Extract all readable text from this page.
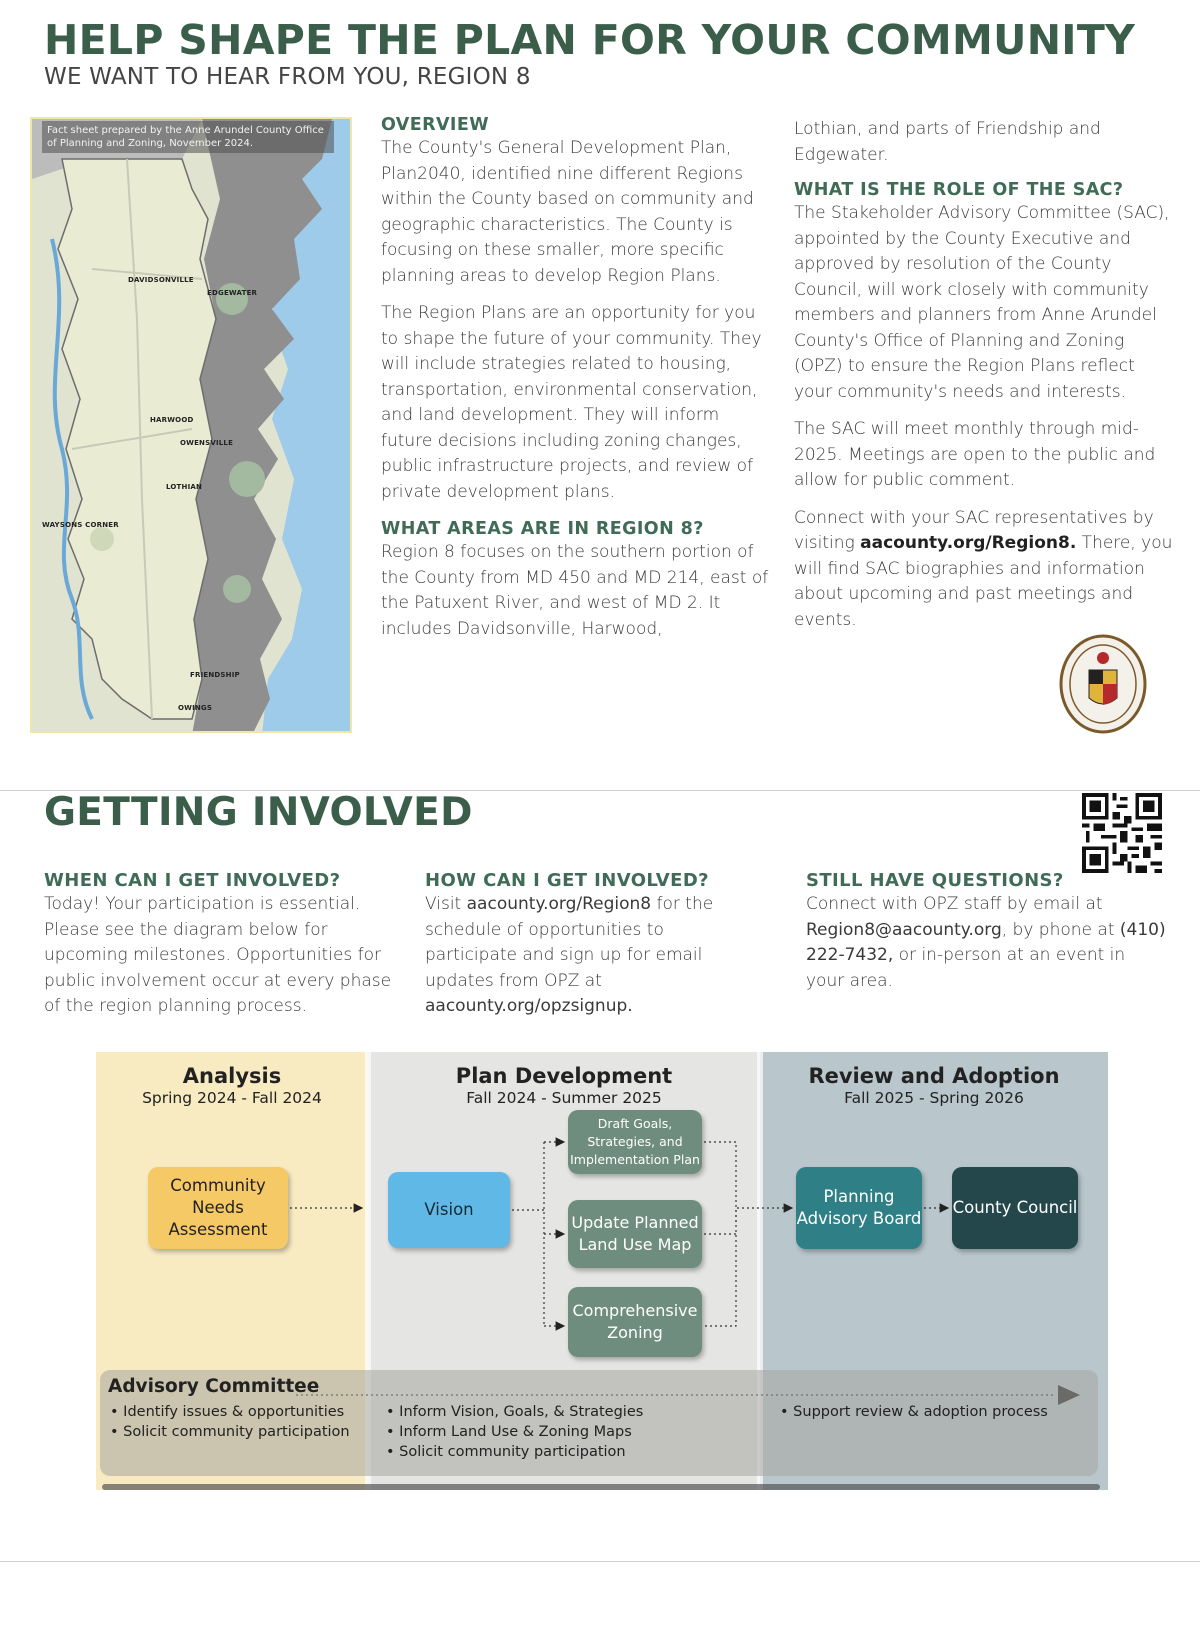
HELP SHAPE THE PLAN FOR YOUR COMMUNITY
WE WANT TO HEAR FROM YOU, REGION 8
Fact sheet prepared by the Anne Arundel County Office of Planning and Zoning, November 2024.
DAVIDSONVILLE
EDGEWATER
HARWOOD
OWENSVILLE
LOTHIAN
WAYSONS CORNER
FRIENDSHIP
OWINGS
OVERVIEW

The County's General Development Plan, Plan2040, identified nine different Regions within the County based on community and geographic characteristics. The County is focusing on these smaller, more specific planning areas to develop Region Plans.

The Region Plans are an opportunity for you to shape the future of your community. They will include strategies related to housing, transportation, environmental conservation, and land development. They will inform future decisions including zoning changes, public infrastructure projects, and review of private development plans.

WHAT AREAS ARE IN REGION 8?

Region 8 focuses on the southern portion of the County from MD 450 and MD 214, east of the Patuxent River, and west of MD 2. It includes Davidsonville, Harwood,

Lothian, and parts of Friendship and Edgewater.

WHAT IS THE ROLE OF THE SAC?

The Stakeholder Advisory Committee (SAC), appointed by the County Executive and approved by resolution of the County Council, will work closely with community members and planners from Anne Arundel County's Office of Planning and Zoning (OPZ) to ensure the Region Plans reflect your community's needs and interests.

The SAC will meet monthly through mid-2025. Meetings are open to the public and allow for public comment.

Connect with your SAC representatives by visiting aacounty.org/Region8. There, you will find SAC biographies and information about upcoming and past meetings and events.

GETTING INVOLVED
WHEN CAN I GET INVOLVED?

Today! Your participation is essential. Please see the diagram below for upcoming milestones. Opportunities for public involvement occur at every phase of the region planning process.

HOW CAN I GET INVOLVED?

Visit aacounty.org/Region8 for the schedule of opportunities to participate and sign up for email updates from OPZ at aacounty.org/opzsignup.

STILL HAVE QUESTIONS?

Connect with OPZ staff by email at Region8@aacounty.org, by phone at (410) 222-7432, or in-person at an event in your area.

Analysis
Spring 2024 - Fall 2024
Plan Development
Fall 2024 - Summer 2025
Review and Adoption
Fall 2025 - Spring 2026
Community Needs Assessment
Vision
Draft Goals, Strategies, and Implementation Plan
Update Planned Land Use Map
Comprehensive Zoning
Planning Advisory Board
County Council
Advisory Committee
• Identify issues & opportunities
• Solicit community participation
• Inform Vision, Goals, & Strategies
• Inform Land Use & Zoning Maps
• Solicit community participation
• Support review & adoption process
